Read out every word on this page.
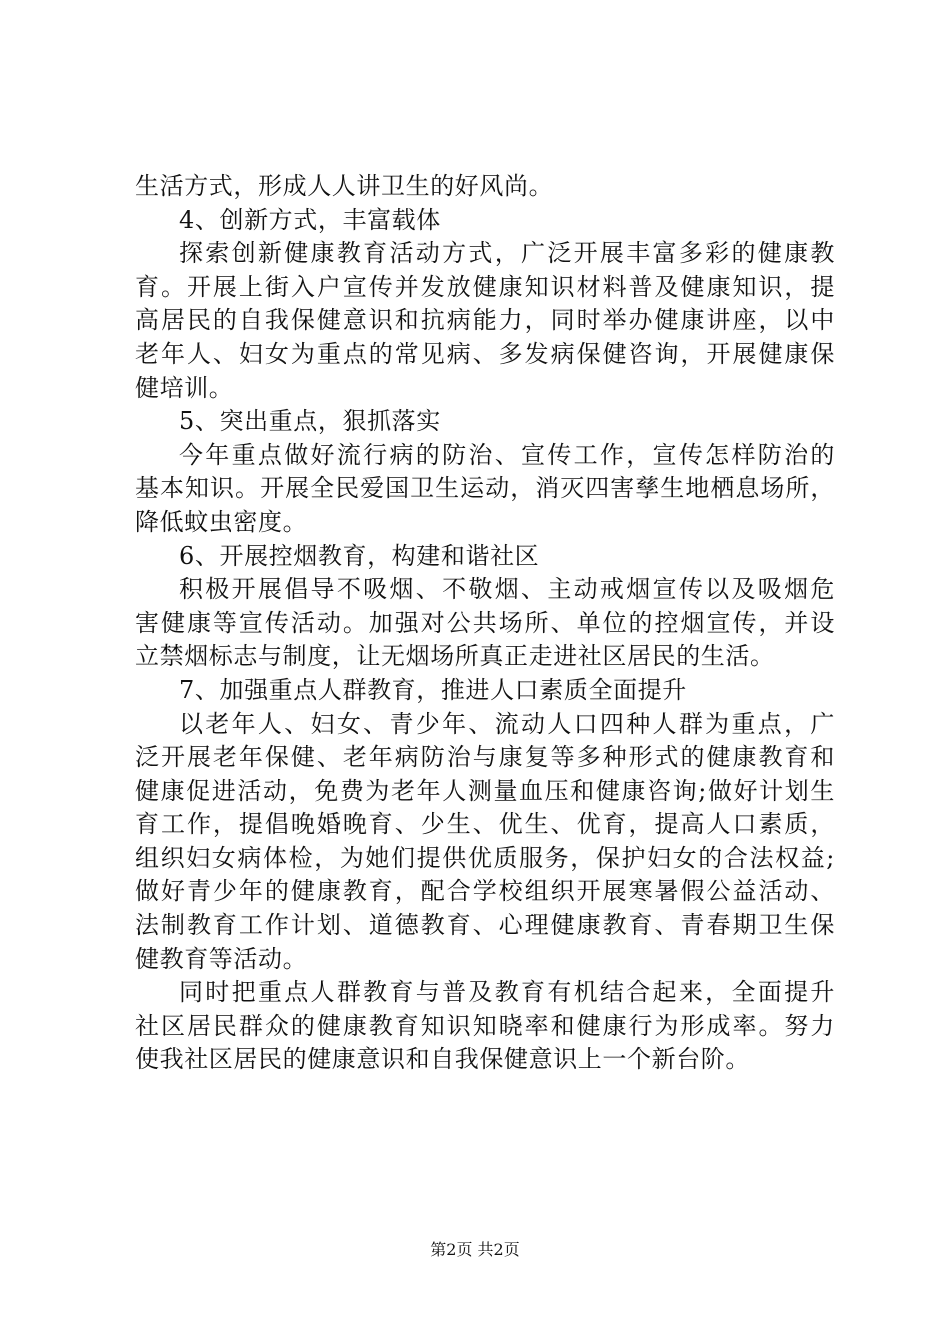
生活方式，形成人人讲卫生的好风尚。
4、创新方式，丰富载体
探索创新健康教育活动方式，广泛开展丰富多彩的健康教
育。开展上街入户宣传并发放健康知识材料普及健康知识，提
高居民的自我保健意识和抗病能力，同时举办健康讲座，以中
老年人、妇女为重点的常见病、多发病保健咨询，开展健康保
健培训。
5、突出重点，狠抓落实
今年重点做好流行病的防治、宣传工作，宣传怎样防治的
基本知识。开展全民爱国卫生运动，消灭四害孳生地栖息场所，
降低蚊虫密度。
6、开展控烟教育，构建和谐社区
积极开展倡导不吸烟、不敬烟、主动戒烟宣传以及吸烟危
害健康等宣传活动。加强对公共场所、单位的控烟宣传，并设
立禁烟标志与制度，让无烟场所真正走进社区居民的生活。
7、加强重点人群教育，推进人口素质全面提升
以老年人、妇女、青少年、流动人口四种人群为重点，广
泛开展老年保健、老年病防治与康复等多种形式的健康教育和
健康促进活动，免费为老年人测量血压和健康咨询;做好计划生
育工作，提倡晚婚晚育、少生、优生、优育，提高人口素质，
组织妇女病体检，为她们提供优质服务，保护妇女的合法权益;
做好青少年的健康教育，配合学校组织开展寒暑假公益活动、
法制教育工作计划、道德教育、心理健康教育、青春期卫生保
健教育等活动。
同时把重点人群教育与普及教育有机结合起来，全面提升
社区居民群众的健康教育知识知晓率和健康行为形成率。努力
使我社区居民的健康意识和自我保健意识上一个新台阶。
第2页 共2页
